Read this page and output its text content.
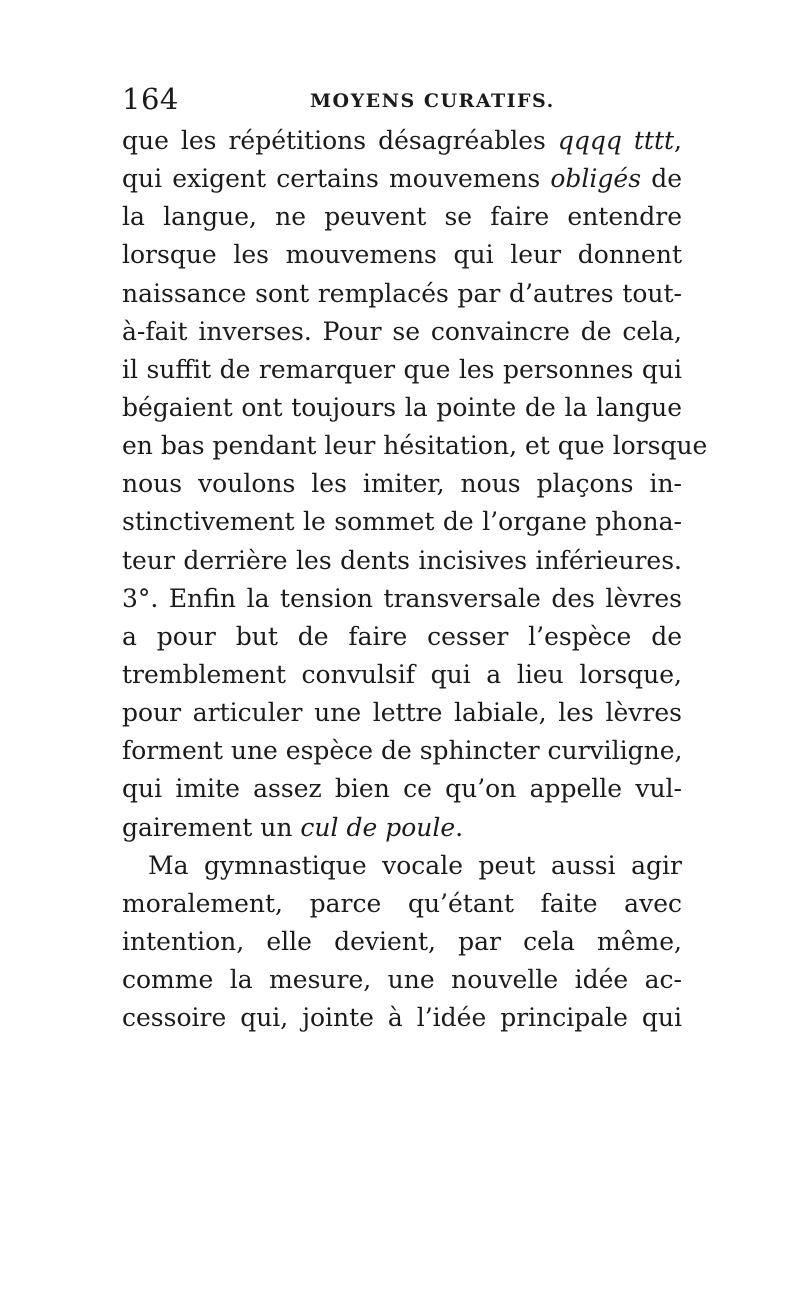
164	MOYENS CURATIFS.
que les répétitions désagréables qqqq tttt,
qui exigent certains mouvemens obligés de
la langue, ne peuvent se faire entendre
lorsque les mouvemens qui leur donnent
naissance sont remplacés par d’autres tout-
à-fait inverses. Pour se convaincre de cela,
il suffit de remarquer que les personnes qui
bégaient ont toujours la pointe de la langue
en bas pendant leur hésitation, et que lorsque
nous voulons les imiter, nous plaçons in-
stinctivement le sommet de l’organe phona-
teur derrière les dents incisives inférieures.
3°. Enfin la tension transversale des lèvres
a pour but de faire cesser l’espèce de
tremblement convulsif qui a lieu lorsque,
pour articuler une lettre labiale, les lèvres
forment une espèce de sphincter curviligne,
qui imite assez bien ce qu’on appelle vul-
gairement un cul de poule.
Ma gymnastique vocale peut aussi agir
moralement, parce qu’étant faite avec
intention, elle devient, par cela même,
comme la mesure, une nouvelle idée ac-
cessoire qui, jointe à l’idée principale qui
